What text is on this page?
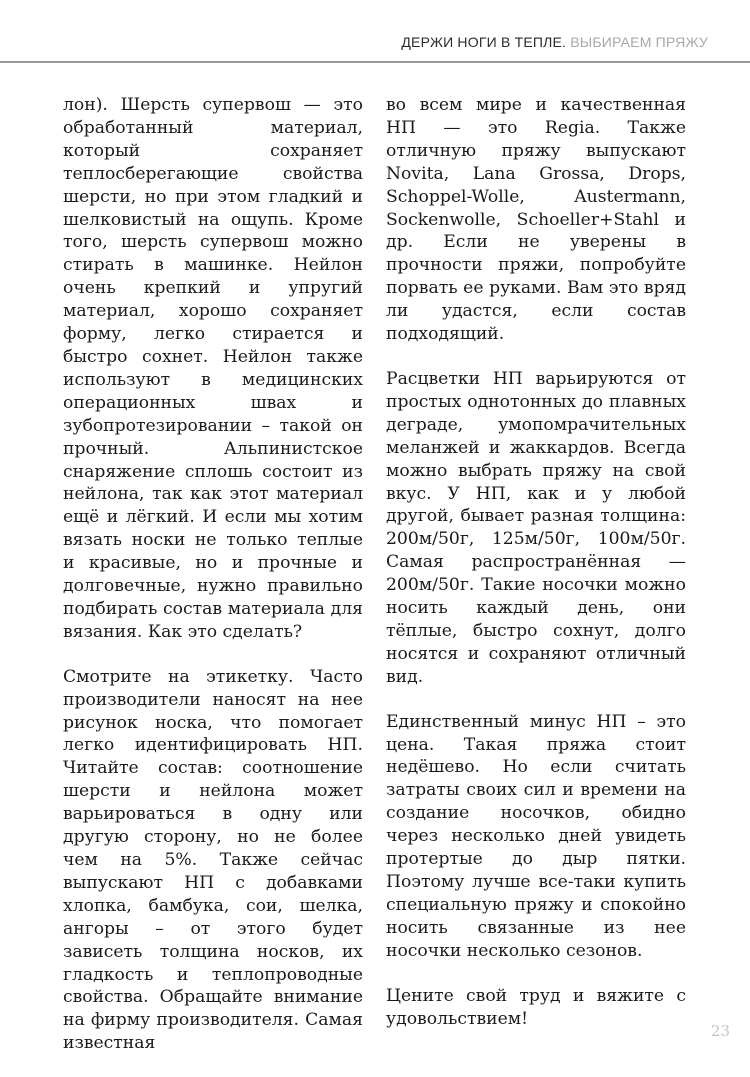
ДЕРЖИ НОГИ В ТЕПЛЕ. ВЫБИРАЕМ ПРЯЖУ

лон). Шерсть супервош — это обработанный материал, который сохраняет теплосберегающие свойства шерсти, но при этом гладкий и шелковистый на ощупь. Кроме того, шерсть супервош можно стирать в машинке. Нейлон очень крепкий и упругий материал, хорошо сохраняет форму, легко стирается и быстро сохнет. Нейлон также используют в медицинских операционных швах и зубопротезировании – такой он прочный. Альпинистское снаряжение сплошь состоит из нейлона, так как этот материал ещё и лёгкий. И если мы хотим вязать носки не только теплые и красивые, но и прочные и долговечные, нужно правильно подбирать состав материала для вязания. Как это сделать?

Смотрите на этикетку. Часто производители наносят на нее рисунок носка, что помогает легко идентифицировать НП. Читайте состав: соотношение шерсти и нейлона может варьироваться в одну или другую сторону, но не более чем на 5%. Также сейчас выпускают НП с добавками хлопка, бамбука, сои, шелка, ангоры – от этого будет зависеть толщина носков, их гладкость и теплопроводные свойства. Обращайте внимание на фирму производителя. Самая известная

во всем мире и качественная НП — это Regia. Также отличную пряжу выпускают Novita, Lana Grossa, Drops, Schoppel-Wolle, Austermann, Sockenwolle, Schoeller+Stahl и др. Если не уверены в прочности пряжи, попробуйте порвать ее руками. Вам это вряд ли удастся, если состав подходящий.

Расцветки НП варьируются от простых однотонных до плавных деграде, умопомрачительных меланжей и жаккардов. Всегда можно выбрать пряжу на свой вкус. У НП, как и у любой другой, бывает разная толщина: 200м/50г, 125м/50г, 100м/50г. Самая распространённая — 200м/50г. Такие носочки можно носить каждый день, они тёплые, быстро сохнут, долго носятся и сохраняют отличный вид.

Единственный минус НП – это цена. Такая пряжа стоит недёшево. Но если считать затраты своих сил и времени на создание носочков, обидно через несколько дней увидеть протертые до дыр пятки. Поэтому лучше все-таки купить специальную пряжу и спокойно носить связанные из нее носочки несколько сезонов.

Цените свой труд и вяжите с удовольствием!

23
